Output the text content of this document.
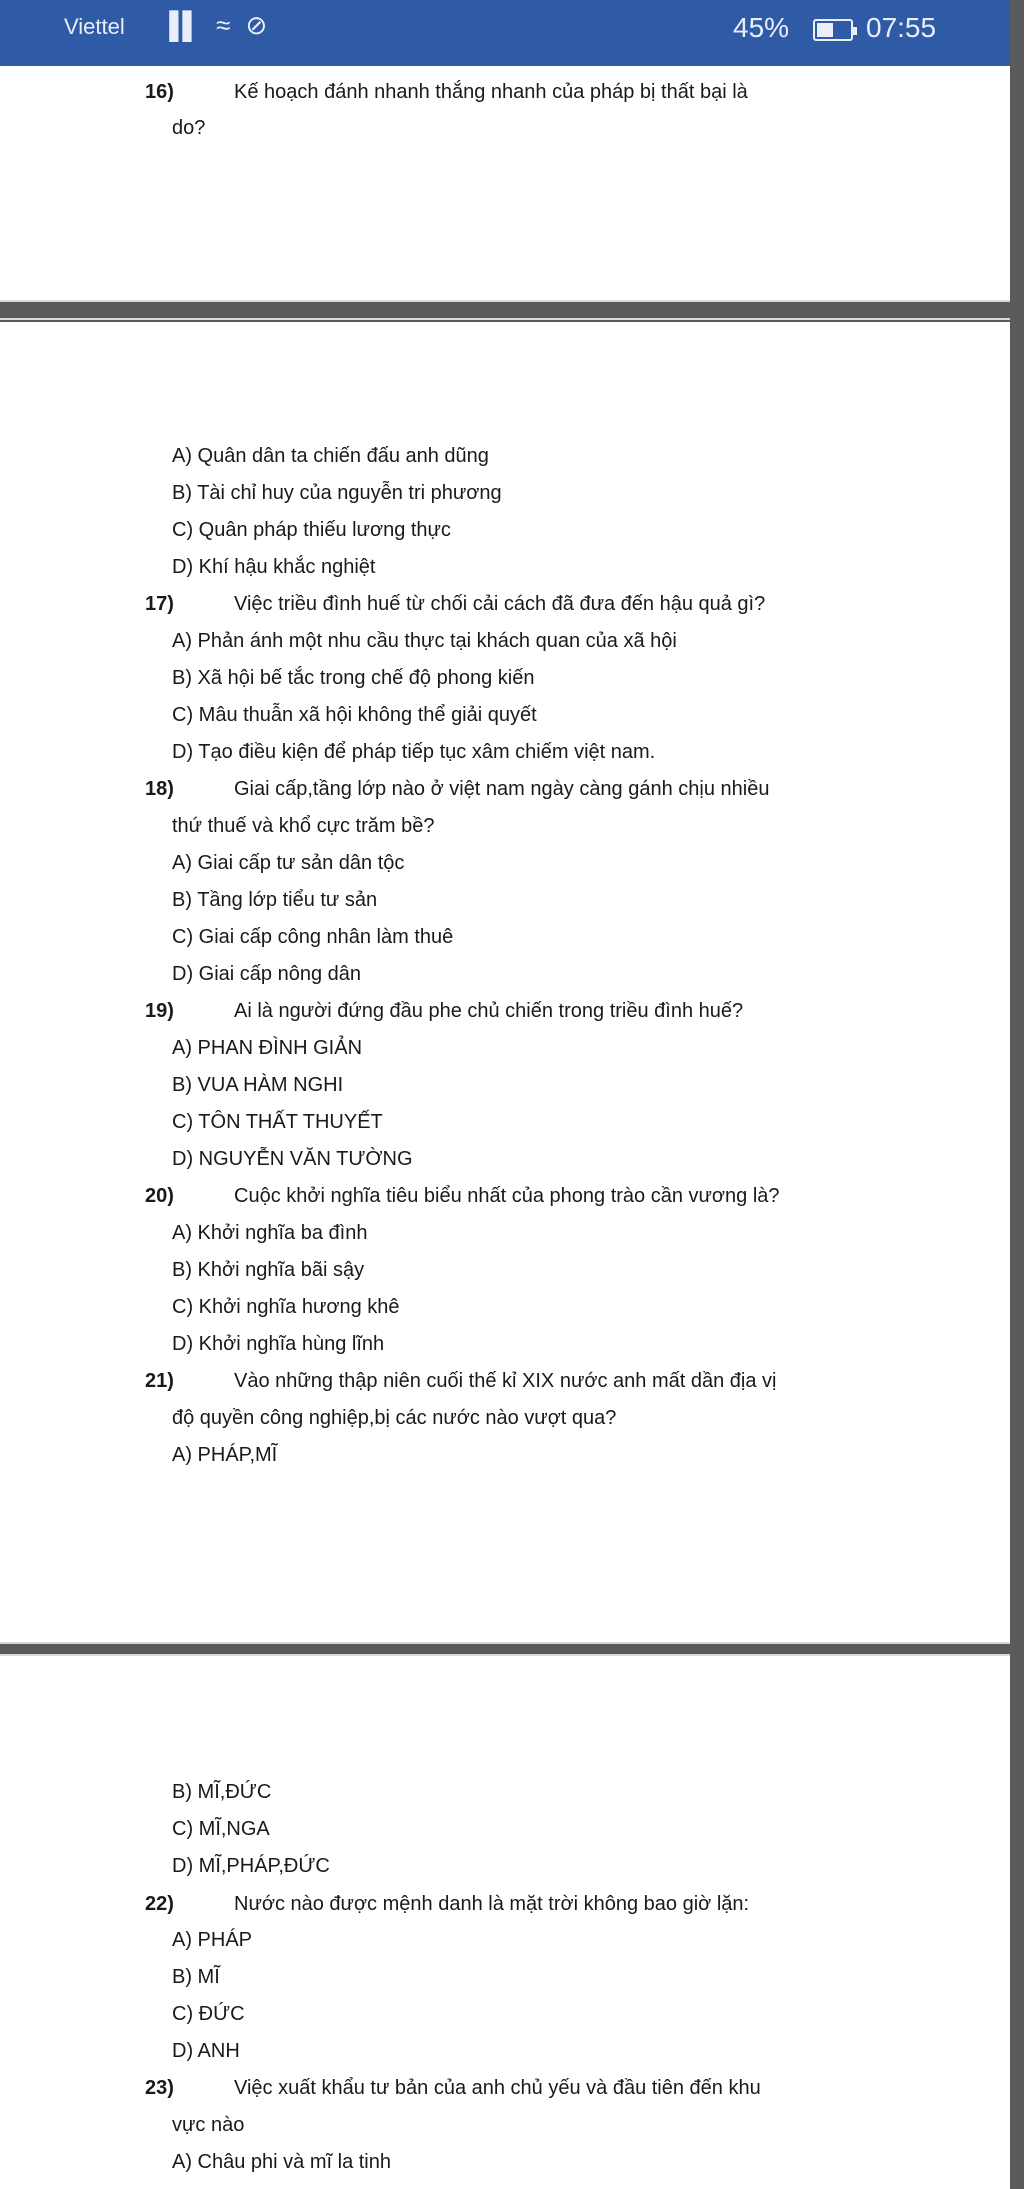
Viettel ▐▌ ≈ ⊘	45%	07:55
16)	Kế hoạch đánh nhanh thắng nhanh của pháp bị thất bại là
do?
A) Quân dân ta chiến đấu anh dũng
B) Tài chỉ huy của nguyễn tri phương
C) Quân pháp thiếu lương thực
D) Khí hậu khắc nghiệt
17)	Việc triều đình huế từ chối cải cách đã đưa đến hậu quả gì?
A) Phản ánh một nhu cầu thực tại khách quan của xã hội
B) Xã hội bế tắc trong chế độ phong kiến
C) Mâu thuẫn xã hội không thể giải quyết
D) Tạo điều kiện để pháp tiếp tục xâm chiếm việt nam.
18)	Giai cấp,tầng lớp nào ở việt nam ngày càng gánh chịu nhiều
thứ thuế và khổ cực trăm bề?
A) Giai cấp tư sản dân tộc
B) Tầng lớp tiểu tư sản
C) Giai cấp công nhân làm thuê
D) Giai cấp nông dân
19)	Ai là người đứng đầu phe chủ chiến trong triều đình huế?
A) PHAN ĐÌNH GIẢN
B) VUA HÀM NGHI
C) TÔN THẤT THUYẾT
D) NGUYỄN VĂN TƯỜNG
20)	Cuộc khởi nghĩa tiêu biểu nhất của phong trào cần vương là?
A) Khởi nghĩa ba đình
B) Khởi nghĩa bãi sậy
C) Khởi nghĩa hương khê
D) Khởi nghĩa hùng lĩnh
21)	Vào những thập niên cuối thế kỉ XIX nước anh mất dần địa vị
độ quyền công nghiệp,bị các nước nào vượt qua?
A) PHÁP,MĨ
B) MĨ,ĐỨC
C) MĨ,NGA
D) MĨ,PHÁP,ĐỨC
22)	Nước nào được mệnh danh là mặt trời không bao giờ lặn:
A) PHÁP
B) MĨ
C) ĐỨC
D) ANH
23)	Việc xuất khẩu tư bản của anh chủ yếu và đầu tiên đến khu
vực nào
A) Châu phi và mĩ la tinh
